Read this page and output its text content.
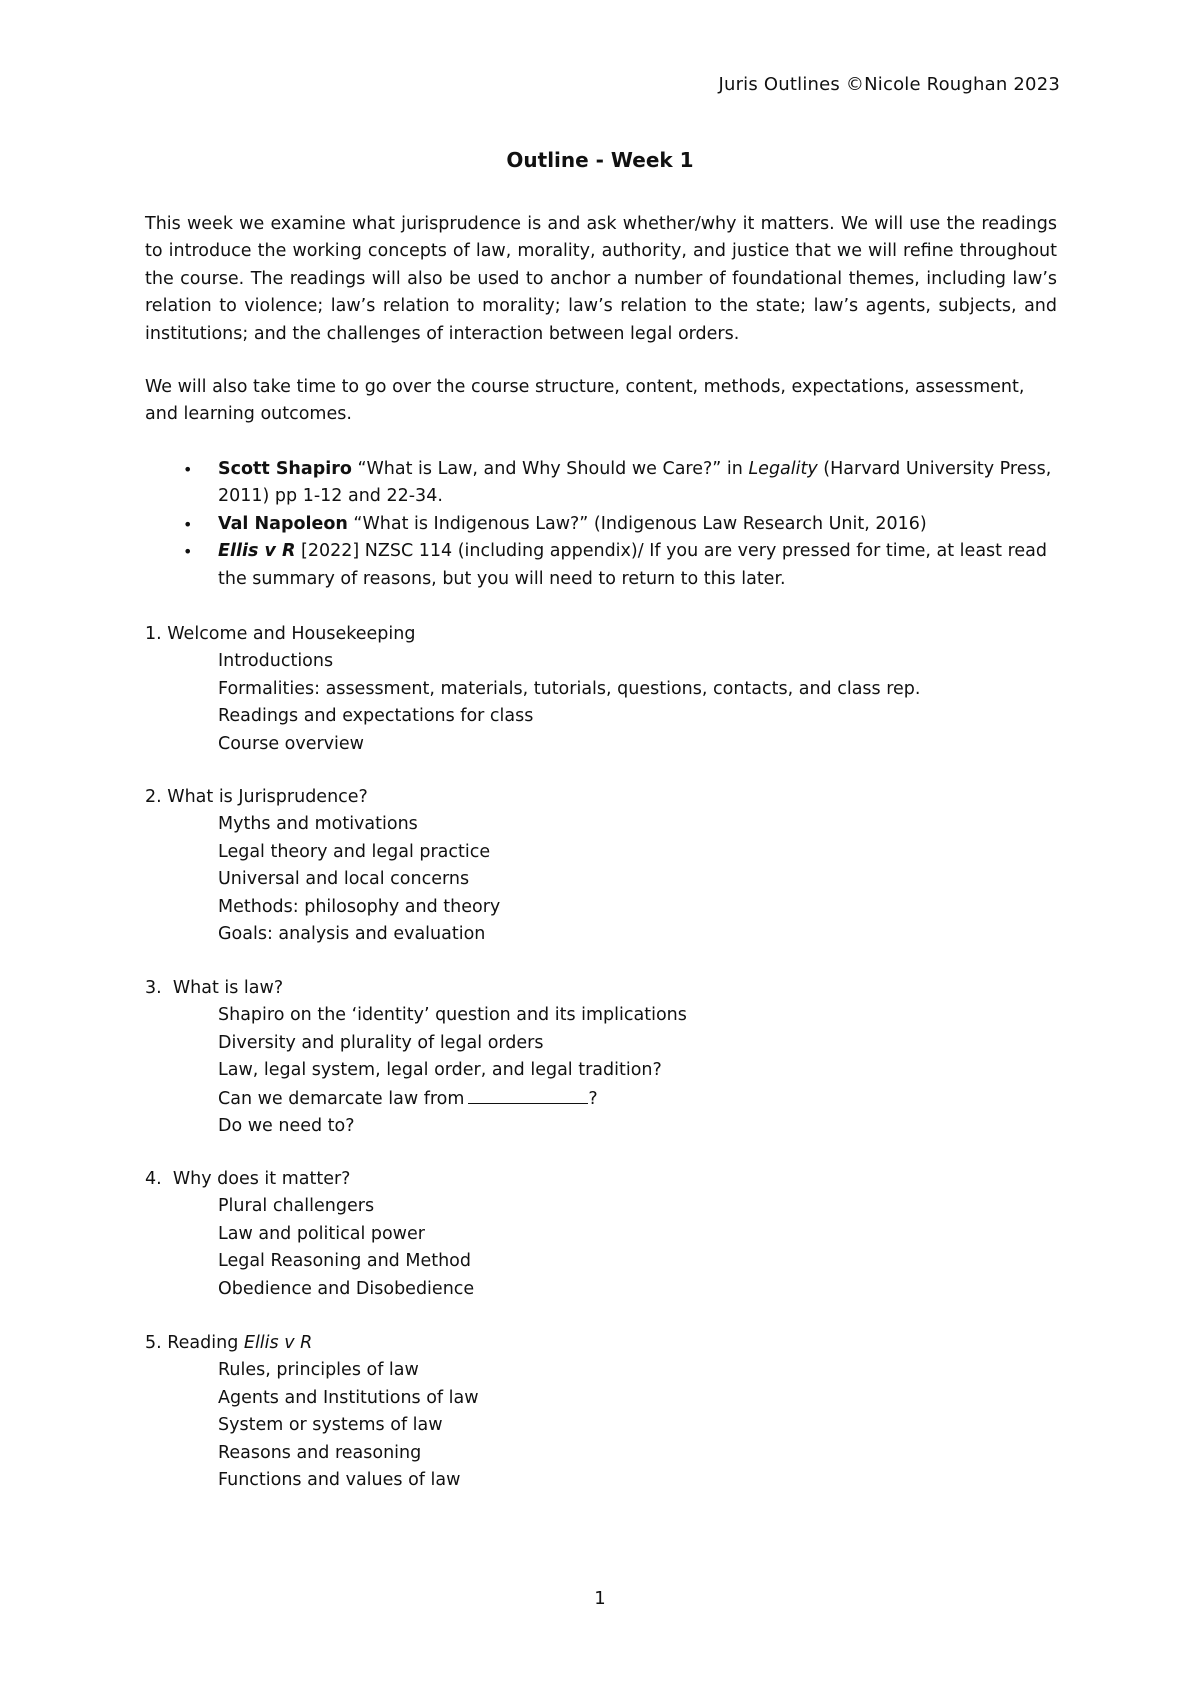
Juris Outlines ©Nicole Roughan 2023
Outline - Week 1
This week we examine what jurisprudence is and ask whether/why it matters. We will use the readings to introduce the working concepts of law, morality, authority, and justice that we will refine throughout the course. The readings will also be used to anchor a number of foundational themes, including law’s relation to violence; law’s relation to morality; law’s relation to the state; law’s agents, subjects, and institutions; and the challenges of interaction between legal orders.
We will also take time to go over the course structure, content, methods, expectations, assessment, and learning outcomes.
• Scott Shapiro “What is Law, and Why Should we Care?” in Legality (Harvard University Press, 2011) pp 1-12 and 22-34.
• Val Napoleon “What is Indigenous Law?” (Indigenous Law Research Unit, 2016)
• Ellis v R [2022] NZSC 114 (including appendix)/ If you are very pressed for time, at least read the summary of reasons, but you will need to return to this later.
1. Welcome and Housekeeping
Introductions
Formalities: assessment, materials, tutorials, questions, contacts, and class rep.
Readings and expectations for class
Course overview
2. What is Jurisprudence?
Myths and motivations
Legal theory and legal practice
Universal and local concerns
Methods: philosophy and theory
Goals: analysis and evaluation
3. What is law?
Shapiro on the ‘identity’ question and its implications
Diversity and plurality of legal orders
Law, legal system, legal order, and legal tradition?
Can we demarcate law from	?
Do we need to?
4. Why does it matter?
Plural challengers
Law and political power
Legal Reasoning and Method
Obedience and Disobedience
5. Reading Ellis v R
Rules, principles of law
Agents and Institutions of law
System or systems of law
Reasons and reasoning
Functions and values of law
1
